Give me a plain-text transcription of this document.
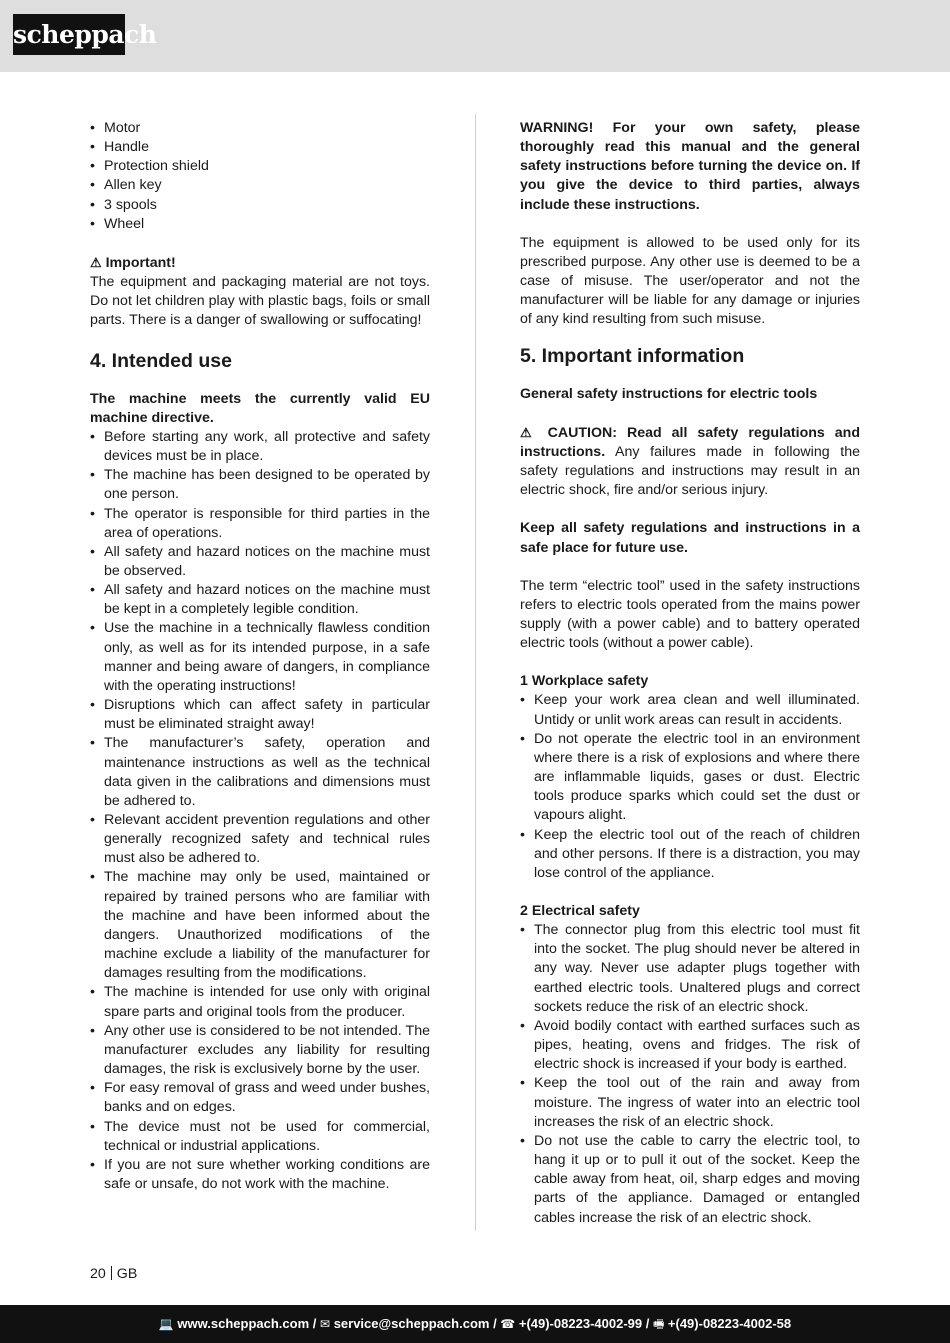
scheppach
• Motor
• Handle
• Protection shield
• Allen key
• 3 spools
• Wheel

⚠ Important!

The equipment and packaging material are not toys. Do not let children play with plastic bags, foils or small parts. There is a danger of swallowing or suffocating!

4. Intended use

The machine meets the currently valid EU machine directive.

• Before starting any work, all protective and safety devices must be in place.
• The machine has been designed to be operated by one person.
• The operator is responsible for third parties in the area of operations.
• All safety and hazard notices on the machine must be observed.
• All safety and hazard notices on the machine must be kept in a completely legible condition.
• Use the machine in a technically flawless condition only, as well as for its intended purpose, in a safe manner and being aware of dangers, in compliance with the operating instructions!
• Disruptions which can affect safety in particular must be eliminated straight away!
• The manufacturer’s safety, operation and maintenance instructions as well as the technical data given in the calibrations and dimensions must be adhered to.
• Relevant accident prevention regulations and other generally recognized safety and technical rules must also be adhered to.
• The machine may only be used, maintained or repaired by trained persons who are familiar with the machine and have been informed about the dangers. Unauthorized modifications of the machine exclude a liability of the manufacturer for damages resulting from the modifications.
• The machine is intended for use only with original spare parts and original tools from the producer.
• Any other use is considered to be not intended. The manufacturer excludes any liability for resulting damages, the risk is exclusively borne by the user.
• For easy removal of grass and weed under bushes, banks and on edges.
• The device must not be used for commercial, technical or industrial applications.
• If you are not sure whether working conditions are safe or unsafe, do not work with the machine.

WARNING! For your own safety, please thoroughly read this manual and the general safety instructions before turning the device on. If you give the device to third parties, always include these instructions.

The equipment is allowed to be used only for its prescribed purpose. Any other use is deemed to be a case of misuse. The user/operator and not the manufacturer will be liable for any damage or injuries of any kind resulting from such misuse.

5. Important information

General safety instructions for electric tools

⚠ CAUTION: Read all safety regulations and instructions. Any failures made in following the safety regulations and instructions may result in an electric shock, fire and/or serious injury.

Keep all safety regulations and instructions in a safe place for future use.

The term “electric tool” used in the safety instructions refers to electric tools operated from the mains power supply (with a power cable) and to battery operated electric tools (without a power cable).

1 Workplace safety

• Keep your work area clean and well illuminated. Untidy or unlit work areas can result in accidents.
• Do not operate the electric tool in an environment where there is a risk of explosions and where there are inflammable liquids, gases or dust. Electric tools produce sparks which could set the dust or vapours alight.
• Keep the electric tool out of the reach of children and other persons. If there is a distraction, you may lose control of the appliance.

2 Electrical safety

• The connector plug from this electric tool must fit into the socket. The plug should never be altered in any way. Never use adapter plugs together with earthed electric tools. Unaltered plugs and correct sockets reduce the risk of an electric shock.
• Avoid bodily contact with earthed surfaces such as pipes, heating, ovens and fridges. The risk of electric shock is increased if your body is earthed.
• Keep the tool out of the rain and away from moisture. The ingress of water into an electric tool increases the risk of an electric shock.
• Do not use the cable to carry the electric tool, to hang it up or to pull it out of the socket. Keep the cable away from heat, oil, sharp edges and moving parts of the appliance. Damaged or entangled cables increase the risk of an electric shock.
20 GB
💻 www.scheppach.com / ✉ service@scheppach.com / ☎ +(49)-08223-4002-99 / 🖷 +(49)-08223-4002-58
